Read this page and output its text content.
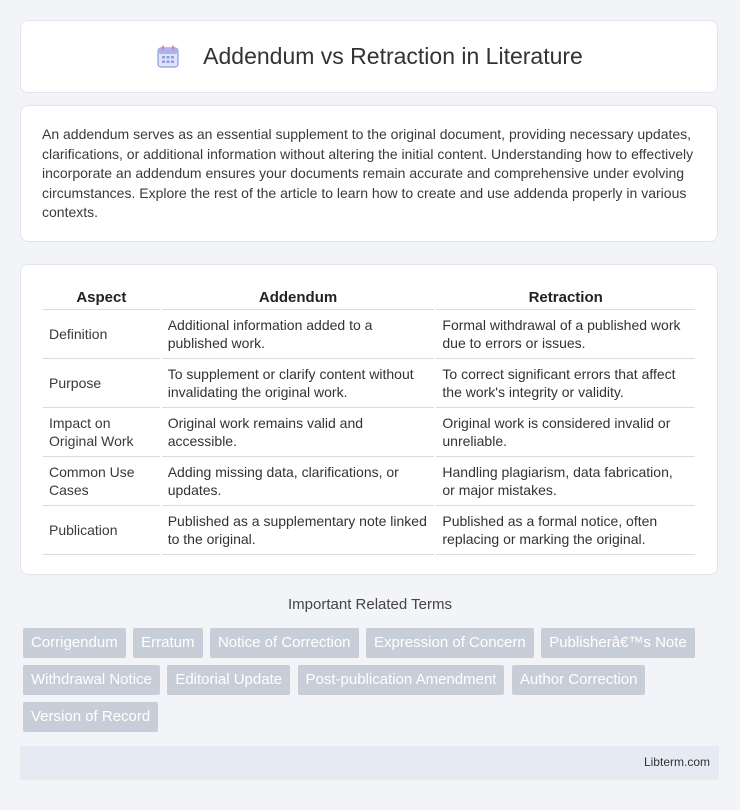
Addendum vs Retraction in Literature

An addendum serves as an essential supplement to the original document, providing necessary updates, clarifications, or additional information without altering the initial content. Understanding how to effectively incorporate an addendum ensures your documents remain accurate and comprehensive under evolving circumstances. Explore the rest of the article to learn how to create and use addenda properly in various contexts.

Aspect	Addendum	Retraction
Definition	Additional information added to a published work.	Formal withdrawal of a published work due to errors or issues.
Purpose	To supplement or clarify content without invalidating the original work.	To correct significant errors that affect the work's integrity or validity.
Impact on Original Work	Original work remains valid and accessible.	Original work is considered invalid or unreliable.
Common Use Cases	Adding missing data, clarifications, or updates.	Handling plagiarism, data fabrication, or major mistakes.
Publication	Published as a supplementary note linked to the original.	Published as a formal notice, often replacing or marking the original.
Important Related Terms
Corrigendum Erratum Notice of Correction Expression of Concern Publisherâ€™s Note Withdrawal Notice Editorial Update Post-publication Amendment Author Correction Version of Record
Libterm.com
